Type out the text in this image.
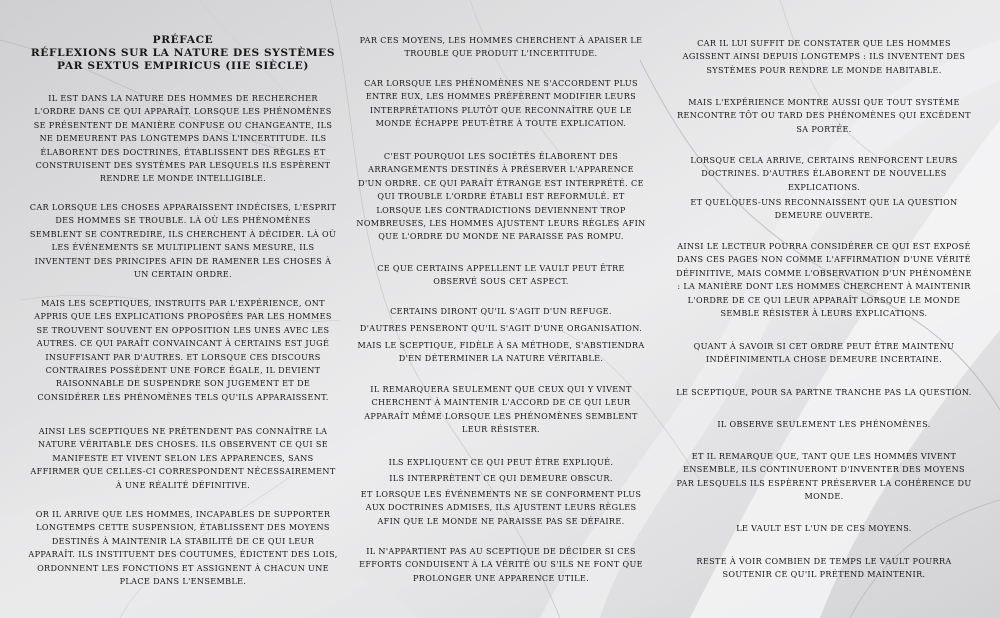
PRÉFACE

RÉFLEXIONS SUR LA NATURE DES SYSTÈMES

PAR SEXTUS EMPIRICUS (IIE SIÈCLE)

IL EST DANS LA NATURE DES HOMMES DE RECHERCHER L'ORDRE DANS CE QUI APPARAÎT. LORSQUE LES PHÉNOMÈNES SE PRÉSENTENT DE MANIÈRE CONFUSE OU CHANGEANTE, ILS NE DEMEURENT PAS LONGTEMPS DANS L'INCERTITUDE. ILS ÉLABORENT DES DOCTRINES, ÉTABLISSENT DES RÈGLES ET CONSTRUISENT DES SYSTÈMES PAR LESQUELS ILS ESPÈRENT RENDRE LE MONDE INTELLIGIBLE.

CAR LORSQUE LES CHOSES APPARAISSENT INDÉCISES, L'ESPRIT DES HOMMES SE TROUBLE. LÀ OÙ LES PHÉNOMÈNES SEMBLENT SE CONTREDIRE, ILS CHERCHENT À DÉCIDER. LÀ OÙ LES ÉVÉNEMENTS SE MULTIPLIENT SANS MESURE, ILS INVENTENT DES PRINCIPES AFIN DE RAMENER LES CHOSES À UN CERTAIN ORDRE.

MAIS LES SCEPTIQUES, INSTRUITS PAR L'EXPÉRIENCE, ONT APPRIS QUE LES EXPLICATIONS PROPOSÉES PAR LES HOMMES SE TROUVENT SOUVENT EN OPPOSITION LES UNES AVEC LES AUTRES. CE QUI PARAÎT CONVAINCANT À CERTAINS EST JUGÉ INSUFFISANT PAR D'AUTRES. ET LORSQUE CES DISCOURS CONTRAIRES POSSÈDENT UNE FORCE ÉGALE, IL DEVIENT RAISONNABLE DE SUSPENDRE SON JUGEMENT ET DE CONSIDÉRER LES PHÉNOMÈNES TELS QU'ILS APPARAISSENT.

AINSI LES SCEPTIQUES NE PRÉTENDENT PAS CONNAÎTRE LA NATURE VÉRITABLE DES CHOSES. ILS OBSERVENT CE QUI SE MANIFESTE ET VIVENT SELON LES APPARENCES, SANS AFFIRMER QUE CELLES-CI CORRESPONDENT NÉCESSAIREMENT À UNE RÉALITÉ DÉFINITIVE.

OR IL ARRIVE QUE LES HOMMES, INCAPABLES DE SUPPORTER LONGTEMPS CETTE SUSPENSION, ÉTABLISSENT DES MOYENS DESTINÉS À MAINTENIR LA STABILITÉ DE CE QUI LEUR APPARAÎT. ILS INSTITUENT DES COUTUMES, ÉDICTENT DES LOIS, ORDONNENT LES FONCTIONS ET ASSIGNENT À CHACUN UNE PLACE DANS L'ENSEMBLE.

PAR CES MOYENS, LES HOMMES CHERCHENT À APAISER LE TROUBLE QUE PRODUIT L'INCERTITUDE.

CAR LORSQUE LES PHÉNOMÈNES NE S'ACCORDENT PLUS ENTRE EUX, LES HOMMES PRÉFÈRENT MODIFIER LEURS INTERPRÉTATIONS PLUTÔT QUE RECONNAÎTRE QUE LE MONDE ÉCHAPPE PEUT-ÊTRE À TOUTE EXPLICATION.

C'EST POURQUOI LES SOCIÉTÉS ÉLABORENT DES ARRANGEMENTS DESTINÉS À PRÉSERVER L'APPARENCE D'UN ORDRE. CE QUI PARAÎT ÉTRANGE EST INTERPRÉTÉ. CE QUI TROUBLE L'ORDRE ÉTABLI EST REFORMULÉ. ET LORSQUE LES CONTRADICTIONS DEVIENNENT TROP NOMBREUSES, LES HOMMES AJUSTENT LEURS RÈGLES AFIN QUE L'ORDRE DU MONDE NE PARAISSE PAS ROMPU.

CE QUE CERTAINS APPELLENT LE VAULT PEUT ÊTRE OBSERVÉ SOUS CET ASPECT.

CERTAINS DIRONT QU'IL S'AGIT D'UN REFUGE.

D'AUTRES PENSERONT QU'IL S'AGIT D'UNE ORGANISATION.

MAIS LE SCEPTIQUE, FIDÈLE À SA MÉTHODE, S'ABSTIENDRA D'EN DÉTERMINER LA NATURE VÉRITABLE.

IL REMARQUERA SEULEMENT QUE CEUX QUI Y VIVENT CHERCHENT À MAINTENIR L'ACCORD DE CE QUI LEUR APPARAÎT MÊME LORSQUE LES PHÉNOMÈNES SEMBLENT LEUR RÉSISTER.

ILS EXPLIQUENT CE QUI PEUT ÊTRE EXPLIQUÉ.

ILS INTERPRÈTENT CE QUI DEMEURE OBSCUR.

ET LORSQUE LES ÉVÉNEMENTS NE SE CONFORMENT PLUS AUX DOCTRINES ADMISES, ILS AJUSTENT LEURS RÈGLES AFIN QUE LE MONDE NE PARAISSE PAS SE DÉFAIRE.

IL N'APPARTIENT PAS AU SCEPTIQUE DE DÉCIDER SI CES EFFORTS CONDUISENT À LA VÉRITÉ OU S'ILS NE FONT QUE PROLONGER UNE APPARENCE UTILE.

CAR IL LUI SUFFIT DE CONSTATER QUE LES HOMMES AGISSENT AINSI DEPUIS LONGTEMPS : ILS INVENTENT DES SYSTÈMES POUR RENDRE LE MONDE HABITABLE.

MAIS L'EXPÉRIENCE MONTRE AUSSI QUE TOUT SYSTÈME RENCONTRE TÔT OU TARD DES PHÉNOMÈNES QUI EXCÈDENT SA PORTÉE.

LORSQUE CELA ARRIVE, CERTAINS RENFORCENT LEURS DOCTRINES. D'AUTRES ÉLABORENT DE NOUVELLES EXPLICATIONS.

ET QUELQUES-UNS RECONNAISSENT QUE LA QUESTION DEMEURE OUVERTE.

AINSI LE LECTEUR POURRA CONSIDÉRER CE QUI EST EXPOSÉ DANS CES PAGES NON COMME L'AFFIRMATION D'UNE VÉRITÉ DÉFINITIVE, MAIS COMME L'OBSERVATION D'UN PHÉNOMÈNE : LA MANIÈRE DONT LES HOMMES CHERCHENT À MAINTENIR L'ORDRE DE CE QUI LEUR APPARAÎT LORSQUE LE MONDE SEMBLE RÉSISTER À LEURS EXPLICATIONS.

QUANT À SAVOIR SI CET ORDRE PEUT ÊTRE MAINTENU INDÉFINIMENTLA CHOSE DEMEURE INCERTAINE.

LE SCEPTIQUE, POUR SA PARTNE TRANCHE PAS LA QUESTION.

IL OBSERVE SEULEMENT LES PHÉNOMÈNES.

ET IL REMARQUE QUE, TANT QUE LES HOMMES VIVENT ENSEMBLE, ILS CONTINUERONT D'INVENTER DES MOYENS PAR LESQUELS ILS ESPÈRENT PRÉSERVER LA COHÉRENCE DU MONDE.

LE VAULT EST L'UN DE CES MOYENS.

RESTE À VOIR COMBIEN DE TEMPS LE VAULT POURRA SOUTENIR CE QU'IL PRÉTEND MAINTENIR.
